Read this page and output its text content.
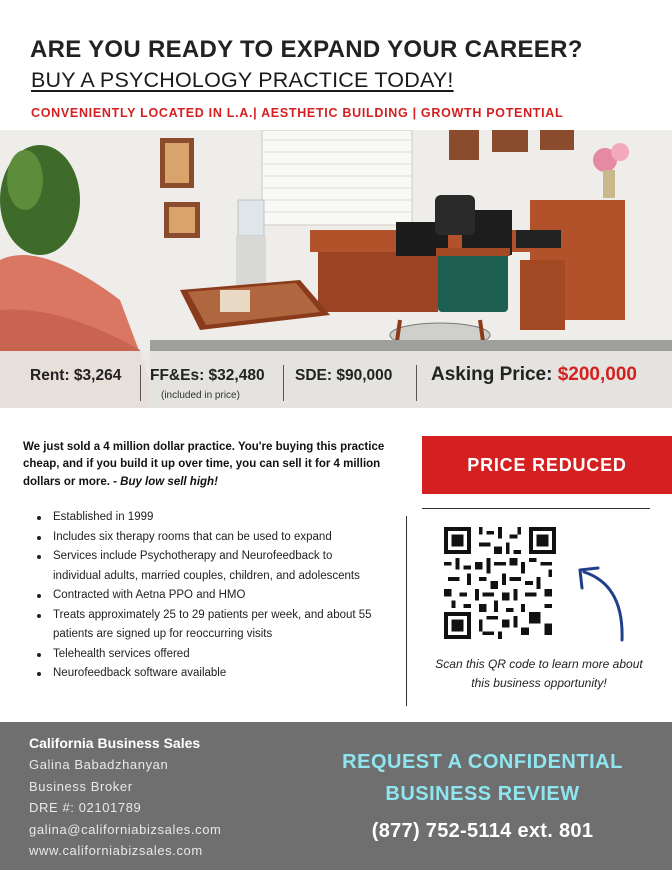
ARE YOU READY TO EXPAND YOUR CAREER?
BUY A PSYCHOLOGY PRACTICE TODAY!
CONVENIENTLY LOCATED IN L.A.| AESTHETIC BUILDING | GROWTH POTENTIAL
Rent: $3,264 FF&Es: $32,480
(included in price)
SDE: $90,000 Asking Price: $200,000
We just sold a 4 million dollar practice. You're buying this practice cheap, and if you build it up over time, you can sell it for 4 million dollars or more. - Buy low sell high!
Established in 1999
Includes six therapy rooms that can be used to expand
Services include Psychotherapy and Neurofeedback to individual adults, married couples, children, and adolescents
Contracted with Aetna PPO and HMO
Treats approximately 25 to 29 patients per week, and about 55 patients are signed up for reoccurring visits
Telehealth services offered
Neurofeedback software available
PRICE REDUCED
Scan this QR code to learn more about this business opportunity!
California Business Sales
Galina Babadzhanyan
Business Broker
DRE #: 02101789
galina@californiabizsales.com
www.californiabizsales.com
REQUEST A CONFIDENTIAL BUSINESS REVIEW
(877) 752-5114 ext. 801
